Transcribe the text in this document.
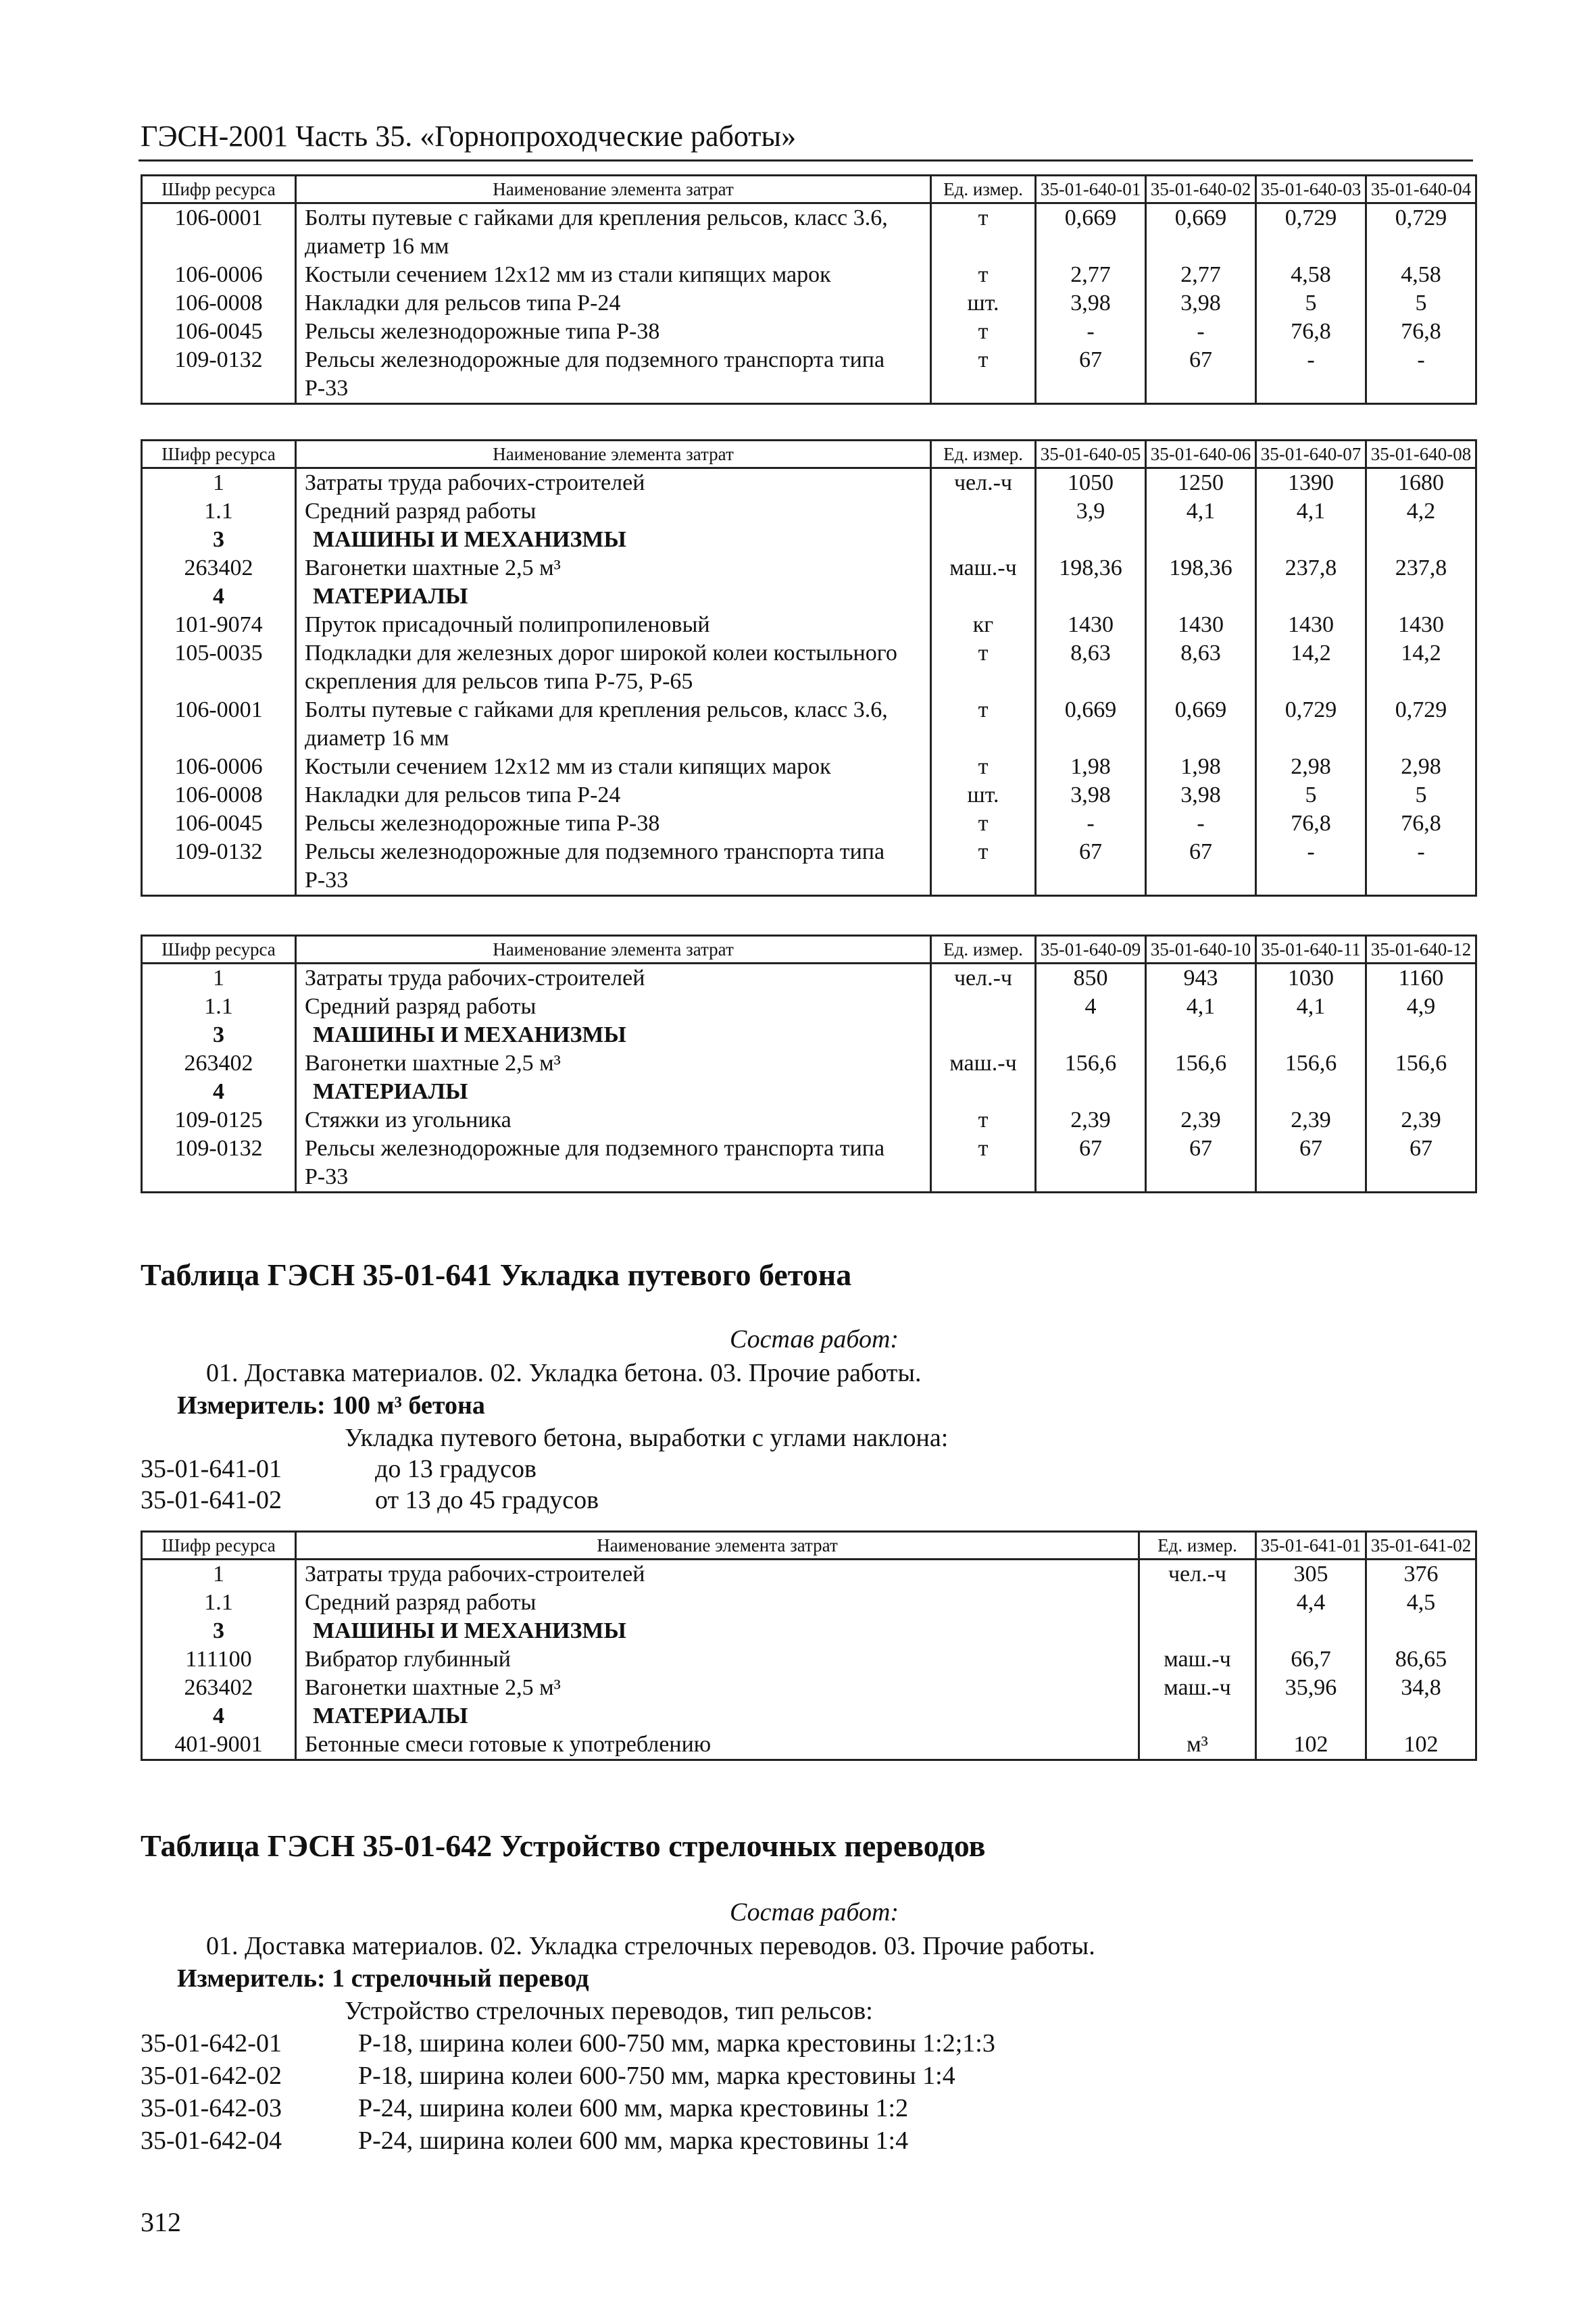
ГЭСН-2001 Часть 35. «Горнопроходческие работы»
Шифр ресурса	Наименование элемента затрат	Ед. измер.	35-01-640-01	35-01-640-02	35-01-640-03	35-01-640-04
106-0001	Болты путевые с гайками для крепления рельсов, класс 3.6, диаметр 16 мм	т	0,669	0,669	0,729	0,729
106-0006	Костыли сечением 12х12 мм из стали кипящих марок	т	2,77	2,77	4,58	4,58
106-0008	Накладки для рельсов типа Р-24	шт.	3,98	3,98	5	5
106-0045	Рельсы железнодорожные типа Р-38	т	-	-	76,8	76,8
109-0132	Рельсы железнодорожные для подземного транспорта типа Р-33	т	67	67	-	-
Шифр ресурса	Наименование элемента затрат	Ед. измер.	35-01-640-05	35-01-640-06	35-01-640-07	35-01-640-08
1	Затраты труда рабочих-строителей	чел.-ч	1050	1250	1390	1680
1.1	Средний разряд работы		3,9	4,1	4,1	4,2
3	МАШИНЫ И МЕХАНИЗМЫ					
263402	Вагонетки шахтные 2,5 м³	маш.-ч	198,36	198,36	237,8	237,8
4	МАТЕРИАЛЫ					
101-9074	Пруток присадочный полипропиленовый	кг	1430	1430	1430	1430
105-0035	Подкладки для железных дорог широкой колеи костыльного скрепления для рельсов типа Р-75, Р-65	т	8,63	8,63	14,2	14,2
106-0001	Болты путевые с гайками для крепления рельсов, класс 3.6, диаметр 16 мм	т	0,669	0,669	0,729	0,729
106-0006	Костыли сечением 12х12 мм из стали кипящих марок	т	1,98	1,98	2,98	2,98
106-0008	Накладки для рельсов типа Р-24	шт.	3,98	3,98	5	5
106-0045	Рельсы железнодорожные типа Р-38	т	-	-	76,8	76,8
109-0132	Рельсы железнодорожные для подземного транспорта типа Р-33	т	67	67	-	-
Шифр ресурса	Наименование элемента затрат	Ед. измер.	35-01-640-09	35-01-640-10	35-01-640-11	35-01-640-12
1	Затраты труда рабочих-строителей	чел.-ч	850	943	1030	1160
1.1	Средний разряд работы		4	4,1	4,1	4,9
3	МАШИНЫ И МЕХАНИЗМЫ					
263402	Вагонетки шахтные 2,5 м³	маш.-ч	156,6	156,6	156,6	156,6
4	МАТЕРИАЛЫ					
109-0125	Стяжки из угольника	т	2,39	2,39	2,39	2,39
109-0132	Рельсы железнодорожные для подземного транспорта типа Р-33	т	67	67	67	67
Таблица ГЭСН 35-01-641 Укладка путевого бетона
Состав работ:
01. Доставка материалов. 02. Укладка бетона. 03. Прочие работы.
Измеритель: 100 м³ бетона
Укладка путевого бетона, выработки с углами наклона:
35-01-641-01	до 13 градусов
35-01-641-02	от 13 до 45 градусов
Шифр ресурса	Наименование элемента затрат	Ед. измер.	35-01-641-01	35-01-641-02
1	Затраты труда рабочих-строителей	чел.-ч	305	376
1.1	Средний разряд работы		4,4	4,5
3	МАШИНЫ И МЕХАНИЗМЫ			
111100	Вибратор глубинный	маш.-ч	66,7	86,65
263402	Вагонетки шахтные 2,5 м³	маш.-ч	35,96	34,8
4	МАТЕРИАЛЫ			
401-9001	Бетонные смеси готовые к употреблению	м³	102	102
Таблица ГЭСН 35-01-642 Устройство стрелочных переводов
Состав работ:
01. Доставка материалов. 02. Укладка стрелочных переводов. 03. Прочие работы.
Измеритель: 1 стрелочный перевод
Устройство стрелочных переводов, тип рельсов:
35-01-642-01	Р-18, ширина колеи 600-750 мм, марка крестовины 1:2;1:3
35-01-642-02	Р-18, ширина колеи 600-750 мм, марка крестовины 1:4
35-01-642-03	Р-24, ширина колеи 600 мм, марка крестовины 1:2
35-01-642-04	Р-24, ширина колеи 600 мм, марка крестовины 1:4
312
